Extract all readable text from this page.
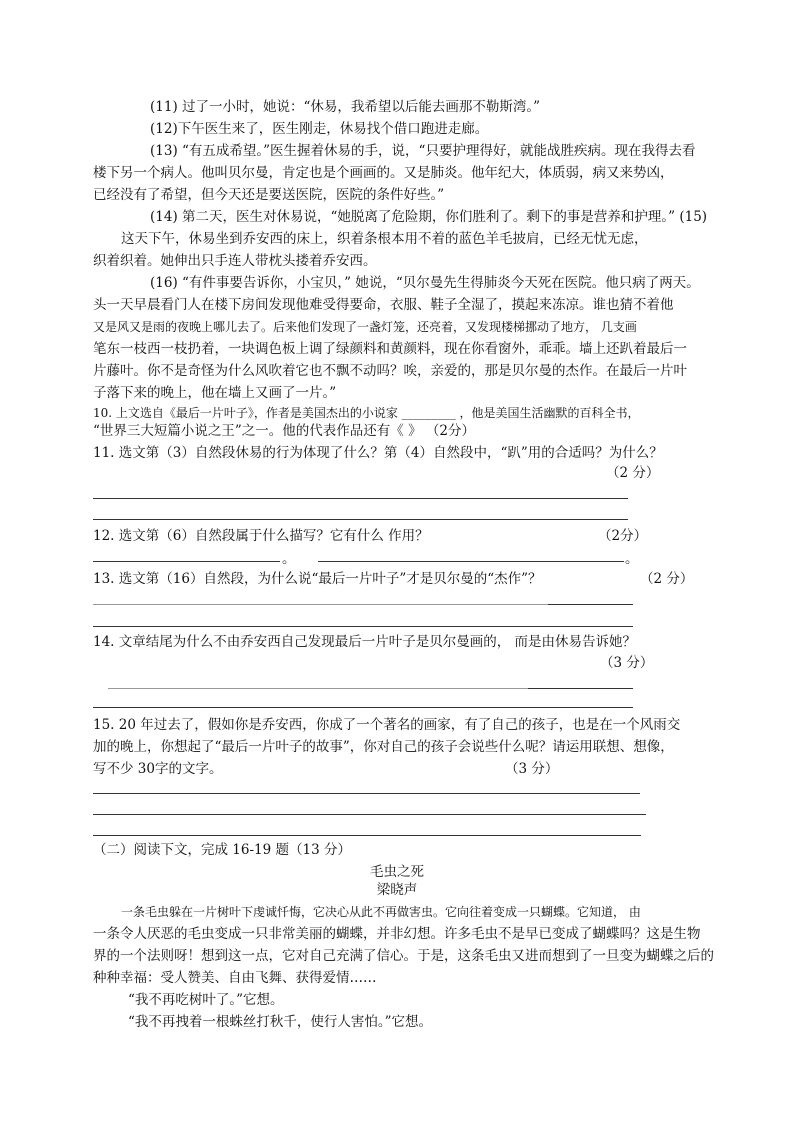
(11) 过了一小时，她说：“休易，我希望以后能去画那不勒斯湾。”
(12)下午医生来了，医生刚走，休易找个借口跑进走廊。
(13) “有五成希望。”医生握着休易的手，说，“只要护理得好，就能战胜疾病。现在我得去看
楼下另一个病人。他叫贝尔曼，肯定也是个画画的。又是肺炎。他年纪大，体质弱，病又来势凶，
已经没有了希望，但今天还是要送医院，医院的条件好些。”
(14) 第二天，医生对休易说，“她脱离了危险期，你们胜利了。剩下的事是营养和护理。” (15)
这天下午，休易坐到乔安西的床上，织着条根本用不着的蓝色羊毛披肩，已经无忧无虑，
织着织着。她伸出只手连人带枕头搂着乔安西。
(16) “有件事要告诉你，小宝贝，” 她说，“贝尔曼先生得肺炎今天死在医院。他只病了两天。
头一天早晨看门人在楼下房间发现他难受得要命，衣服、鞋子全湿了，摸起来冻凉。谁也猜不着他
又是风又是雨的夜晚上哪儿去了。后来他们发现了一盏灯笼，还亮着，又发现楼梯挪动了地方， 几支画
笔东一枝西一枝扔着，一块调色板上调了绿颜料和黄颜料，现在你看窗外，乖乖。墙上还趴着最后一
片藤叶。你不是奇怪为什么风吹着它也不飘不动吗？唉，亲爱的，那是贝尔曼的杰作。在最后一片叶
子落下来的晚上，他在墙上又画了一片。”
10. 上文选自《最后一片叶子》，作者是美国杰出的小说家 _________ ，他是美国生活幽默的百科全书，
“世界三大短篇小说之王”之一。他的代表作品还有《 》 （2分）
11. 选文第（3）自然段休易的行为体现了什么？第（4）自然段中，“趴”用的合适吗？为什么？
（2 分）
12. 选文第（6）自然段属于什么描写？它有什么 作用？	（2分）
。	。
13. 选文第（16）自然段，为什么说“最后一片叶子”才是贝尔曼的“杰作”？	（2 分）
14. 文章结尾为什么不由乔安西自己发现最后一片叶子是贝尔曼画的， 而是由休易告诉她？
（3 分）
15. 20 年过去了，假如你是乔安西，你成了一个著名的画家，有了自己的孩子，也是在一个风雨交
加的晚上，你想起了“最后一片叶子的故事”，你对自己的孩子会说些什么呢？请运用联想、想像，
写不少 30字的文字。	（3 分）
（二）阅读下文，完成 16-19 题（13 分）
毛虫之死
梁晓声
一条毛虫躲在一片树叶下虔诚忏悔，它决心从此不再做害虫。它向往着变成一只蝴蝶。它知道， 由
一条令人厌恶的毛虫变成一只非常美丽的蝴蝶，并非幻想。许多毛虫不是早已变成了蝴蝶吗？这是生物
界的一个法则呀！想到这一点，它对自己充满了信心。于是，这条毛虫又进而想到了一旦变为蝴蝶之后的
种种幸福：受人赞美、自由飞舞、获得爱情……
“我不再吃树叶了。”它想。
“我不再拽着一根蛛丝打秋千，使行人害怕。”它想。
